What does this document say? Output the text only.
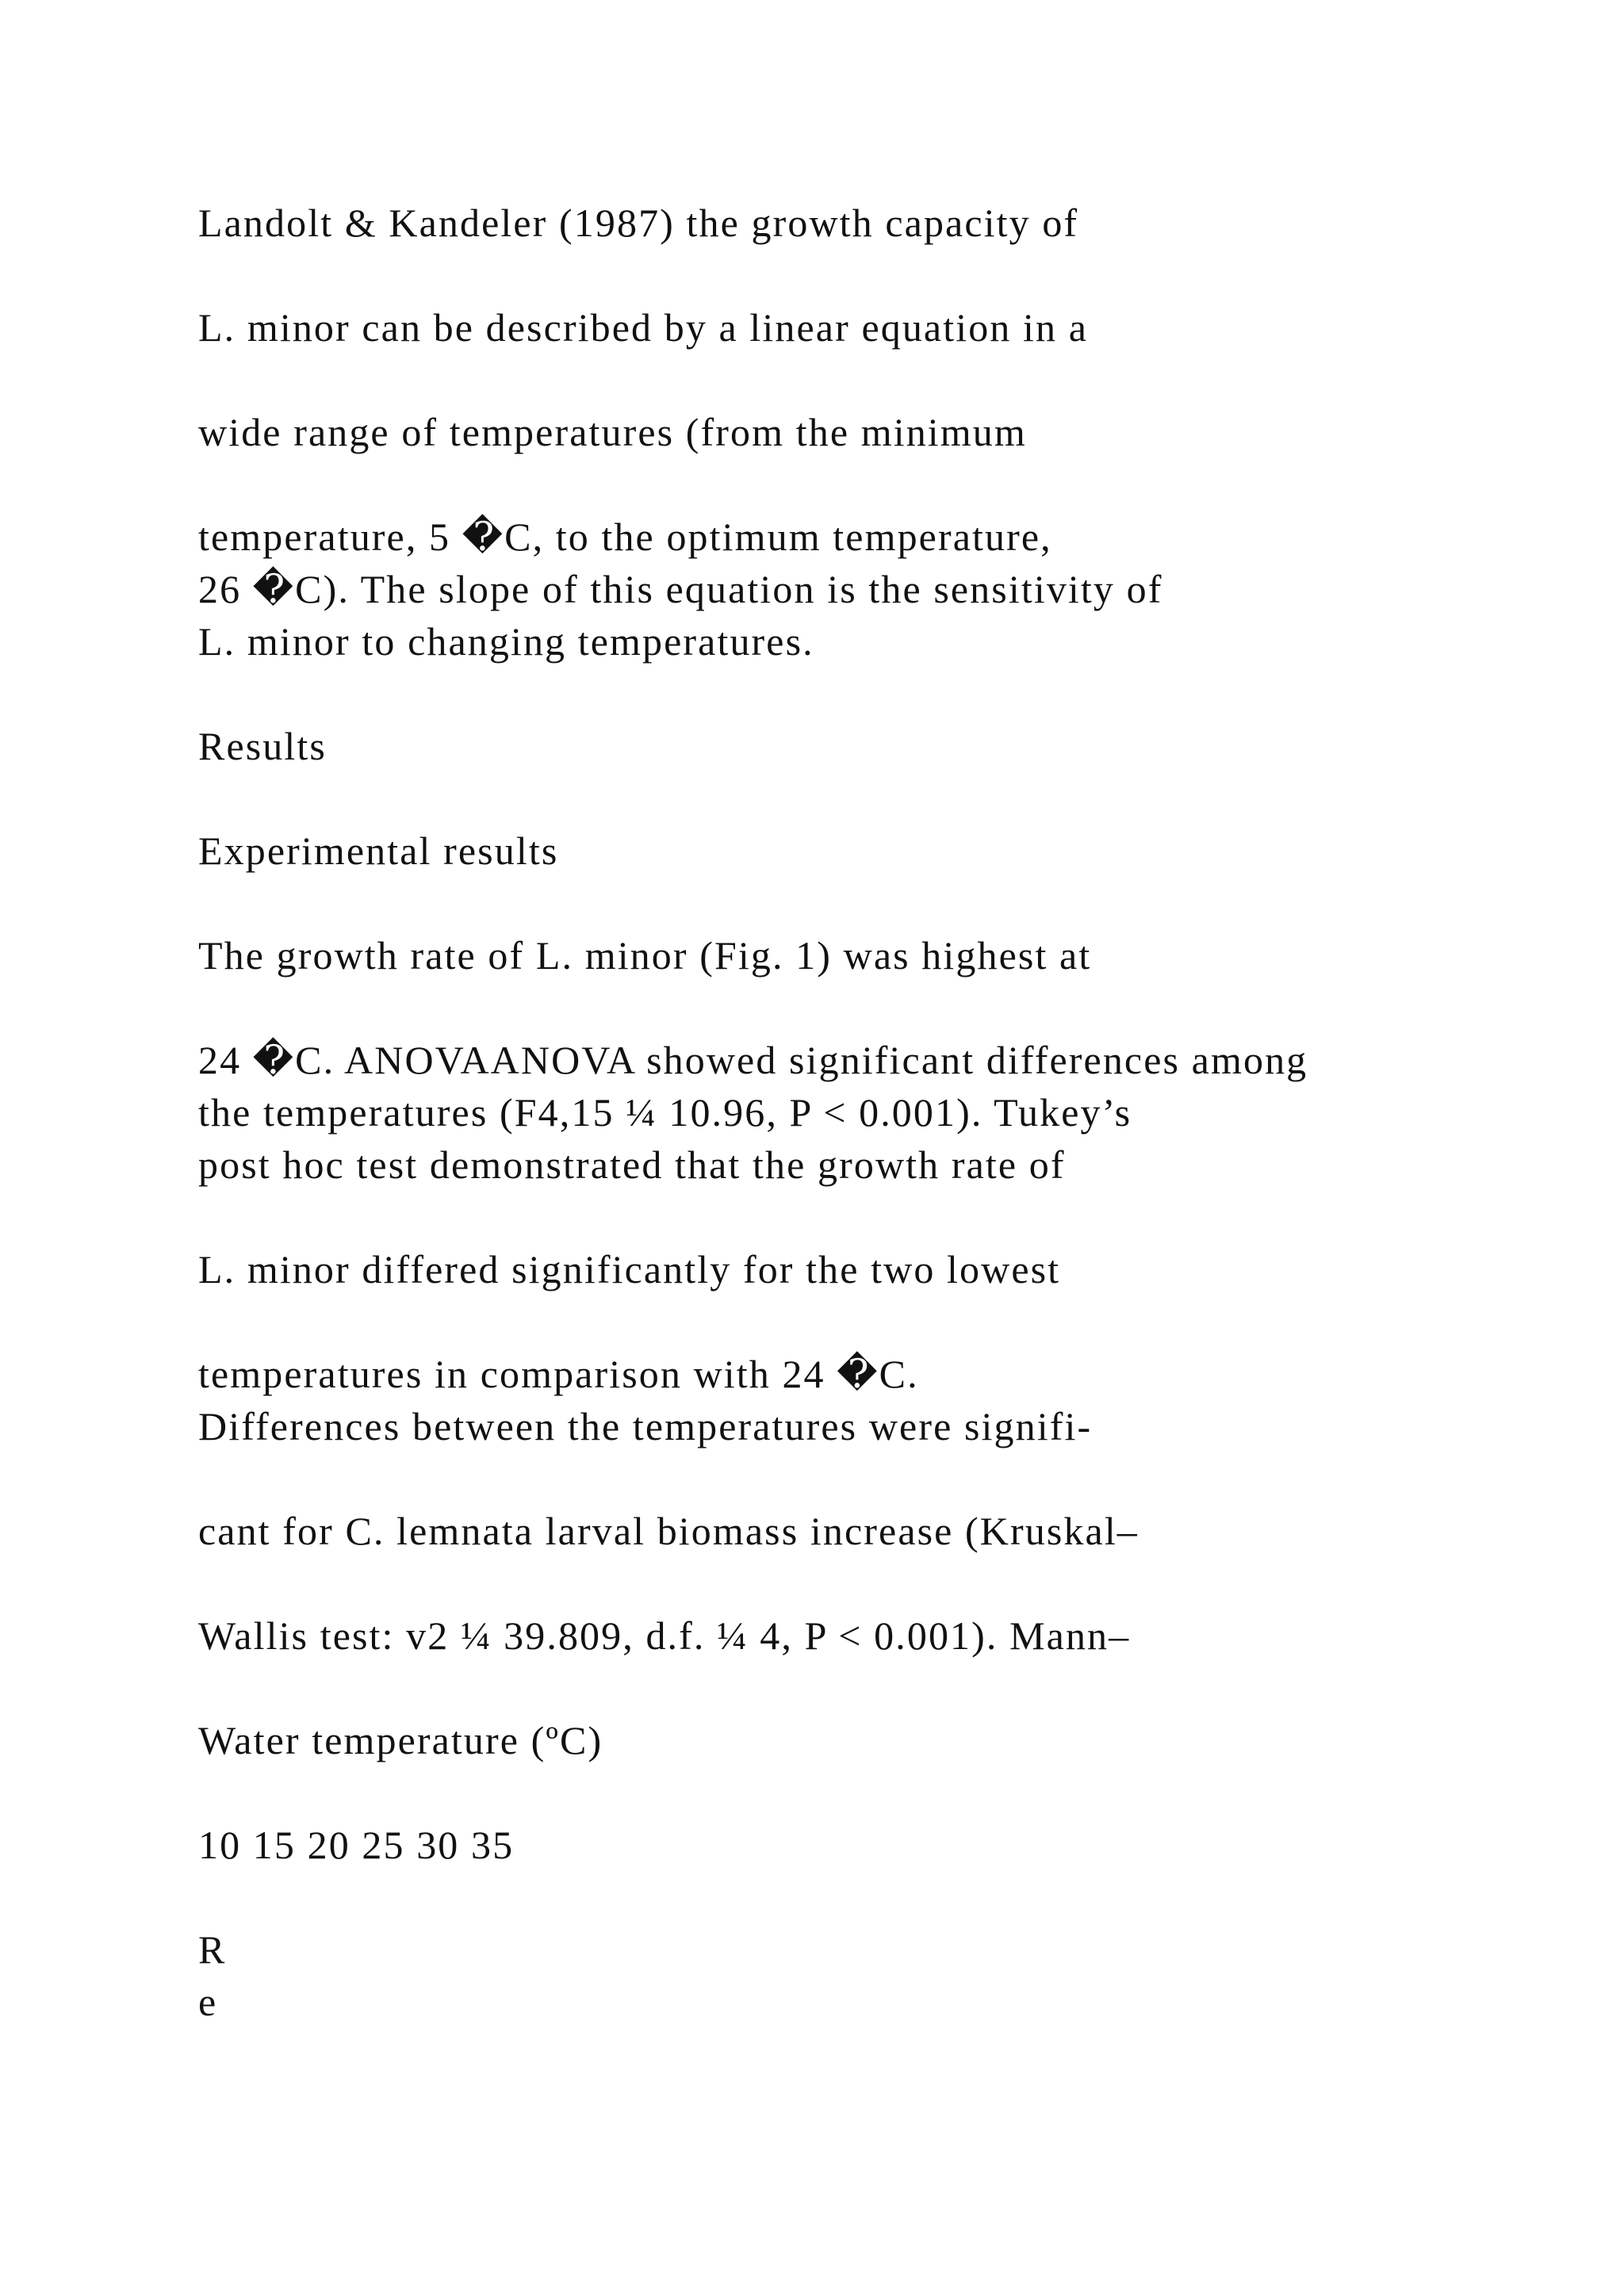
Landolt & Kandeler (1987) the growth capacity of
L. minor can be described by a linear equation in a
wide range of temperatures (from the minimum
temperature, 5 �C, to the optimum temperature,
26 �C). The slope of this equation is the sensitivity of
L. minor to changing temperatures.
Results
Experimental results
The growth rate of L. minor (Fig. 1) was highest at
24 �C. ANOVAANOVA showed significant differences among
the temperatures (F4,15 ¼ 10.96, P < 0.001). Tukey’s
post hoc test demonstrated that the growth rate of
L. minor differed significantly for the two lowest
temperatures in comparison with 24 �C.
Differences between the temperatures were signifi-
cant for C. lemnata larval biomass increase (Kruskal–
Wallis test: v2 ¼ 39.809, d.f. ¼ 4, P < 0.001). Mann–
Water temperature (ºC)
10 15 20 25 30 35
R
e
